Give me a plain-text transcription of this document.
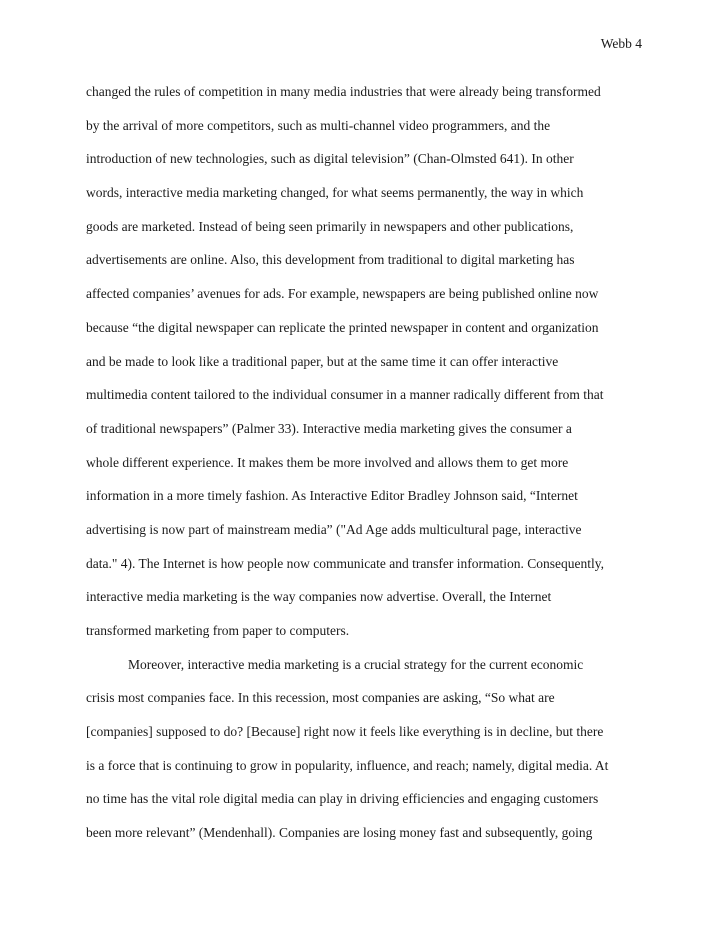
Webb 4
changed the rules of competition in many media industries that were already being transformed
by the arrival of more competitors, such as multi-channel video programmers, and the
introduction of new technologies, such as digital television” (Chan-Olmsted 641). In other
words, interactive media marketing changed, for what seems permanently, the way in which
goods are marketed. Instead of being seen primarily in newspapers and other publications,
advertisements are online. Also, this development from traditional to digital marketing has
affected companies’ avenues for ads. For example, newspapers are being published online now
because “the digital newspaper can replicate the printed newspaper in content and organization
and be made to look like a traditional paper, but at the same time it can offer interactive
multimedia content tailored to the individual consumer in a manner radically different from that
of traditional newspapers” (Palmer 33). Interactive media marketing gives the consumer a
whole different experience. It makes them be more involved and allows them to get more
information in a more timely fashion. As Interactive Editor Bradley Johnson said, “Internet
advertising is now part of mainstream media” ("Ad Age adds multicultural page, interactive
data." 4). The Internet is how people now communicate and transfer information. Consequently,
interactive media marketing is the way companies now advertise. Overall, the Internet
transformed marketing from paper to computers.
Moreover, interactive media marketing is a crucial strategy for the current economic
crisis most companies face. In this recession, most companies are asking, “So what are
[companies] supposed to do? [Because] right now it feels like everything is in decline, but there
is a force that is continuing to grow in popularity, influence, and reach; namely, digital media. At
no time has the vital role digital media can play in driving efficiencies and engaging customers
been more relevant” (Mendenhall). Companies are losing money fast and subsequently, going
